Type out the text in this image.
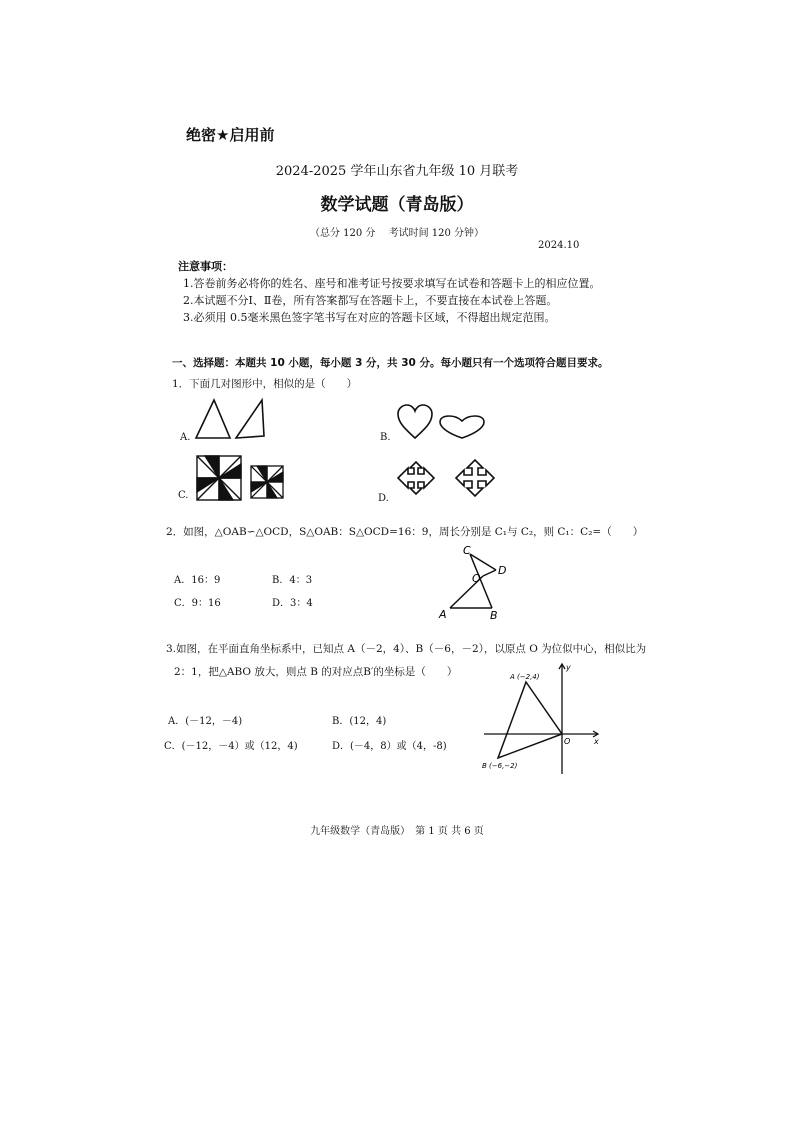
绝密★启用前
2024-2025 学年山东省九年级 10 月联考
数学试题（青岛版）
（总分 120 分　 考试时间 120 分钟）
2024.10
注意事项：
1.答卷前务必将你的姓名、座号和准考证号按要求填写在试卷和答题卡上的相应位置。
2.本试题不分Ⅰ、Ⅱ卷，所有答案都写在答题卡上，不要直接在本试卷上答题。
3.必须用 0.5毫米黑色签字笔书写在对应的答题卡区域，不得超出规定范围。
一、选择题：本题共 10 小题，每小题 3 分，共 30 分。每小题只有一个选项符合题目要求。
1．下面几对图形中，相似的是（　　）
A.	B.
C.	D.
2．如图，△OAB∽△OCD，S△OAB：S△OCD=16：9，周长分别是 C₁与 C₂，则 C₁：C₂=（　　）
A．16：9	B．4：3
C．9：16	D．3：4
C
D
O
A	B
3.如图，在平面直角坐标系中，已知点 A（－2，4）、B（－6，－2），以原点 O 为位似中心，相似比为
2：1，把△ABO 放大，则点 B 的对应点B′的坐标是（　　）
A．(－12，－4)	B．(12，4)
C．(－12，－4）或（12，4)	D．(－4，8）或（4，-8)
y
x
O
A (−2,4)
B (−6,−2)
九年级数学（青岛版）　第 1 页 共 6 页
